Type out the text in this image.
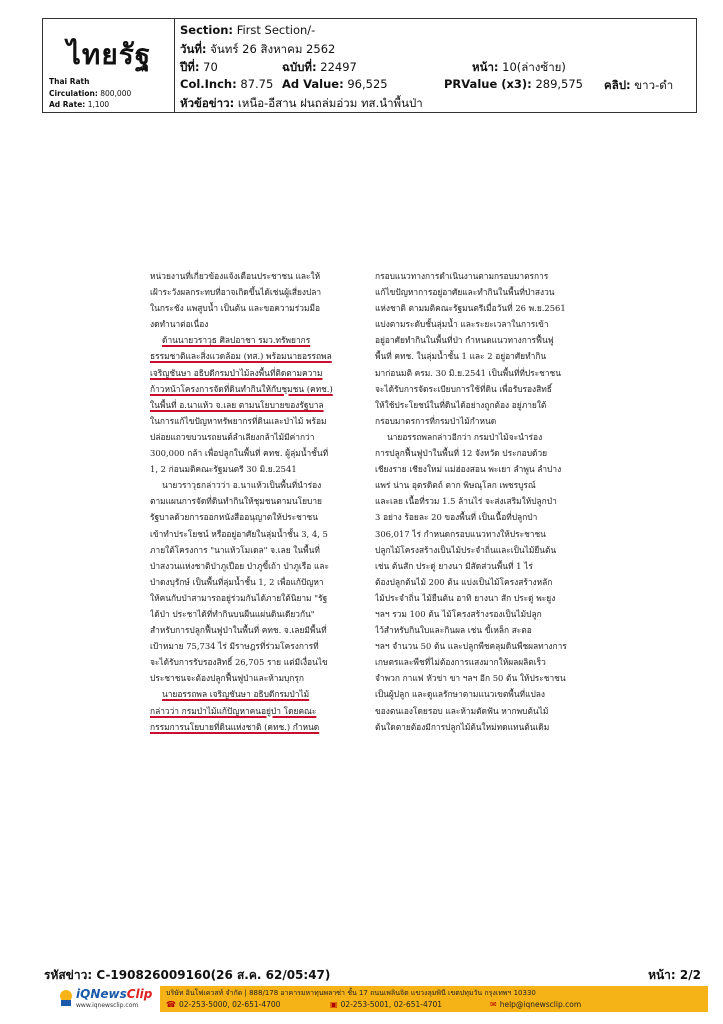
ไทยรัฐ
Thai Rath
Circulation: 800,000
Ad Rate: 1,100
Section: First Section/-
วันที่: จันทร์ 26 สิงหาคม 2562
ปีที่: 70	ฉบับที่: 22497	หน้า: 10(ล่างซ้าย)
Col.Inch: 87.75 Ad Value: 96,525	PRValue (x3): 289,575 คลิป: ขาว-ดำ
หัวข้อข่าว: เหนือ-อีสาน ฝนถล่มอ่วม ทส.นำพื้นป่า

หน่วยงานที่เกี่ยวข้องแจ้งเตือนประชาชน และให้

เฝ้าระวังผลกระทบที่อาจเกิดขึ้นได้เช่นผู้เสี่ยงปลา

ในกระชัง แพสูบน้ำ เป็นต้น และขอความร่วมมือ

งดทำนาต่อเนื่อง

ด้านนายวราวุธ ศิลปอาชา รมว.ทรัพยากร

ธรรมชาติและสิ่งแวดล้อม (ทส.) พร้อมนายอรรถพล

เจริญชันษา อธิบดีกรมป่าไม้ลงพื้นที่ติดตามความ

ก้าวหน้าโครงการจัดที่ดินทำกินให้กับชุมชน (คทช.)

ในพื้นที่ อ.นาแห้ว จ.เลย ตามนโยบายของรัฐบาล

ในการแก้ไขปัญหาทรัพยากรที่ดินและป่าไม้ พร้อม

ปล่อยแถวขบวนรถยนต์ลำเลียงกล้าไม้มีค่ากว่า

300,000 กล้า เพื่อปลูกในพื้นที่ คทช. ผู้ลุ่มน้ำชั้นที่

1, 2 ก่อนมติคณะรัฐมนตรี 30 มิ.ย.2541

นายวราวุธกล่าวว่า อ.นาแห้วเป็นพื้นที่นำร่อง

ตามแผนการจัดที่ดินทำกินให้ชุมชนตามนโยบาย

รัฐบาลด้วยการออกหนังสืออนุญาตให้ประชาชน

เข้าทำประโยชน์ หรืออยู่อาศัยในลุ่มน้ำชั้น 3, 4, 5

ภายใต้โครงการ "นาแห้วโมเดล" จ.เลย ในพื้นที่

ป่าสงวนแห่งชาติป่าภูเปือย ป่าภูขี้เถ้า ป่าภูเรือ และ

ป่าดงบุรักษ์ เป็นพื้นที่ลุ่มน้ำชั้น 1, 2 เพื่อแก้ปัญหา

ให้คนกับป่าสามารถอยู่ร่วมกันได้ภายใต้นิยาม "รัฐ

ได้ป่า ประชาได้ที่ทำกินบนผืนแผ่นดินเดียวกัน"

สำหรับการปลูกฟื้นฟูป่าในพื้นที่ คทช. จ.เลยมีพื้นที่

เป้าหมาย 75,734 ไร่ มีราษฎรที่ร่วมโครงการที่

จะได้รับการรับรองสิทธิ์ 26,705 ราย แต่มีเงื่อนไข

ประชาชนจะต้องปลูกฟื้นฟูป่าและห้ามบุกรุก

นายอรรถพล เจริญชันษา อธิบดีกรมป่าไม้

กล่าวว่า กรมป่าไม้แก้ปัญหาคนอยู่ป่า โดยคณะ

กรรมการนโยบายที่ดินแห่งชาติ (คทช.) กำหนด

กรอบแนวทางการดำเนินงานตามกรอบมาตรการ

แก้ไขปัญหาการอยู่อาศัยและทำกินในพื้นที่ป่าสงวน

แห่งชาติ ตามมติคณะรัฐมนตรีเมื่อวันที่ 26 พ.ย.2561

แบ่งตามระดับชั้นลุ่มน้ำ และระยะเวลาในการเข้า

อยู่อาศัยทำกินในพื้นที่ป่า กำหนดแนวทางการฟื้นฟู

พื้นที่ คทช. ในลุ่มน้ำชั้น 1 และ 2 อยู่อาศัยทำกิน

มาก่อนมติ ครม. 30 มิ.ย.2541 เป็นพื้นที่ที่ประชาชน

จะได้รับการจัดระเบียบการใช้ที่ดิน เพื่อรับรองสิทธิ์

ให้ใช้ประโยชน์ในที่ดินได้อย่างถูกต้อง อยู่ภายใต้

กรอบมาตรการที่กรมป่าไม้กำหนด

นายอรรถพลกล่าวอีกว่า กรมป่าไม้จะนำร่อง

การปลูกฟื้นฟูป่าในพื้นที่ 12 จังหวัด ประกอบด้วย

เชียงราย เชียงใหม่ แม่ฮ่องสอน พะเยา ลำพูน ลำปาง

แพร่ น่าน อุตรดิตถ์ ตาก พิษณุโลก เพชรบูรณ์

และเลย เนื้อที่รวม 1.5 ล้านไร่ จะส่งเสริมให้ปลูกป่า

3 อย่าง ร้อยละ 20 ของพื้นที่ เป็นเนื้อที่ปลูกป่า

306,017 ไร่ กำหนดกรอบแนวทางให้ประชาชน

ปลูกไม้โครงสร้างเป็นไม้ประจำถิ่นและเป็นไม้ยืนต้น

เช่น ต้นสัก ประดู่ ยางนา มีสัดส่วนพื้นที่ 1 ไร่

ต้องปลูกต้นไม้ 200 ต้น แบ่งเป็นไม้โครงสร้างหลัก

ไม้ประจำถิ่น ไม้ยืนต้น อาทิ ยางนา สัก ประดู่ พะยูง

ฯลฯ รวม 100 ต้น ไม้โครงสร้างรองเป็นไม้ปลูก

ไว้สำหรับกินใบและกินผล เช่น ขี้เหล็ก สะตอ

ฯลฯ จำนวน 50 ต้น และปลูกพืชคลุมดินพืชผลทางการ

เกษตรและพืชที่ไม่ต้องการแสงมากให้ผลผลิตเร็ว

จำพวก กาแฟ หัวข่า ขา ฯลฯ อีก 50 ต้น ให้ประชาชน

เป็นผู้ปลูก และดูแลรักษาตามแนวเขตพื้นที่แปลง

ของตนเองโดยรอบ และห้ามตัดฟัน หากพบต้นไม้

ต้นใดตายต้องมีการปลูกไม้ต้นใหม่ทดแทนต้นเดิม

รหัสข่าว: C-190826009160(26 ส.ค. 62/05:47)	หน้า: 2/2
iQNewsClip
www.iqnewsclip.com
บริษัท อินโฟเควสท์ จำกัด | 888/178 อาคารมหาทุนพลาซ่า ชั้น 17 ถนนเพลินจิต แขวงลุมพินี เขตปทุมวัน กรุงเทพฯ 10330
☎ 02-253-5000, 02-651-4700	▣ 02-253-5001, 02-651-4701	✉ help@iqnewsclip.com
